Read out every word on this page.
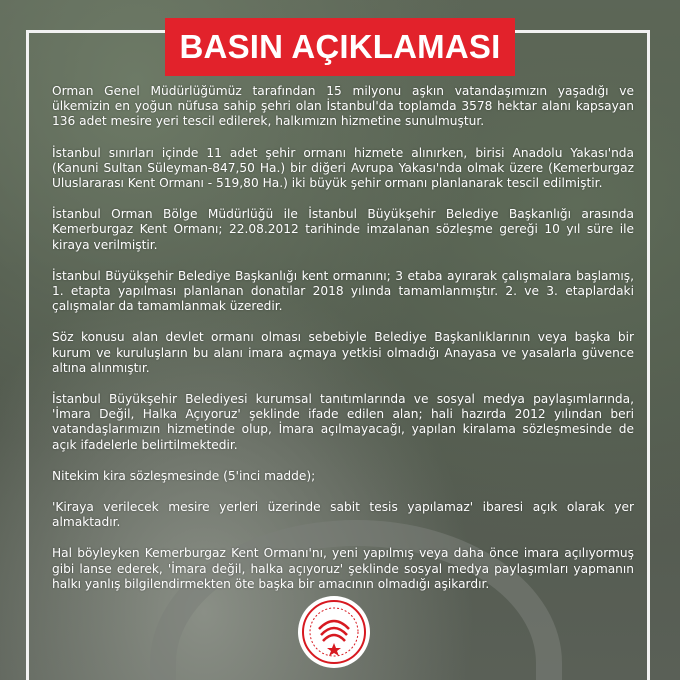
BASIN AÇIKLAMASI

Orman Genel Müdürlüğümüz tarafından 15 milyonu aşkın vatandaşımızın yaşadığı ve ülkemizin en yoğun nüfusa sahip şehri olan İstanbul'da toplamda 3578 hektar alanı kapsayan 136 adet mesire yeri tescil edilerek, halkımızın hizmetine sunulmuştur.

İstanbul sınırları içinde 11 adet şehir ormanı hizmete alınırken, birisi Anadolu Yakası'nda (Kanuni Sultan Süleyman-847,50 Ha.) bir diğeri Avrupa Yakası'nda olmak üzere (Kemerburgaz Uluslararası Kent Ormanı - 519,80 Ha.) iki büyük şehir ormanı planlanarak tescil edilmiştir.

İstanbul Orman Bölge Müdürlüğü ile İstanbul Büyükşehir Belediye Başkanlığı arasında Kemerburgaz Kent Ormanı; 22.08.2012 tarihinde imzalanan sözleşme gereği 10 yıl süre ile kiraya verilmiştir.

İstanbul Büyükşehir Belediye Başkanlığı kent ormanını; 3 etaba ayırarak çalışmalara başlamış, 1. etapta yapılması planlanan donatılar 2018 yılında tamamlanmıştır. 2. ve 3. etaplardaki çalışmalar da tamamlanmak üzeredir.

Söz konusu alan devlet ormanı olması sebebiyle Belediye Başkanlıklarının veya başka bir kurum ve kuruluşların bu alanı imara açmaya yetkisi olmadığı Anayasa ve yasalarla güvence altına alınmıştır.

İstanbul Büyükşehir Belediyesi kurumsal tanıtımlarında ve sosyal medya paylaşımlarında, 'İmara Değil, Halka Açıyoruz' şeklinde ifade edilen alan; hali hazırda 2012 yılından beri vatandaşlarımızın hizmetinde olup, İmara açılmayacağı, yapılan kiralama sözleşmesinde de açık ifadelerle belirtilmektedir.

Nitekim kira sözleşmesinde (5'inci madde);

'Kiraya verilecek mesire yerleri üzerinde sabit tesis yapılamaz' ibaresi açık olarak yer almaktadır.

Hal böyleyken Kemerburgaz Kent Ormanı'nı, yeni yapılmış veya daha önce imara açılıyormuş gibi lanse ederek, 'İmara değil, halka açıyoruz' şeklinde sosyal medya paylaşımları yapmanın halkı yanlış bilgilendirmekten öte başka bir amacının olmadığı aşikardır.
